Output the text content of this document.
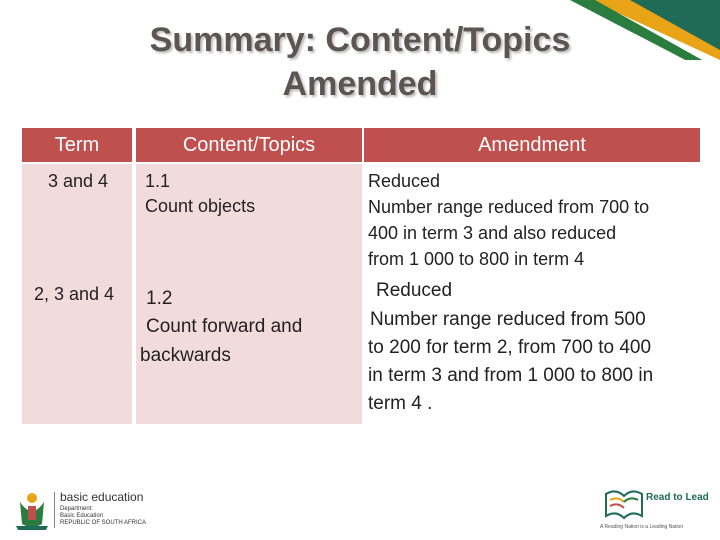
Summary: Content/Topics
Amended
Term	Content/Topics	Amendment
3 and 4 1.1
Count objects
Reduced
Number range reduced from 700 to
400 in term 3 and also reduced
from 1 000 to 800 in term 4
2, 3 and 4 1.2
Count forward and
backwards
Reduced
Number range reduced from 500
to 200 for term 2, from 700 to 400
in term 3 and from 1 000 to 800 in
term 4 .
basic education
Department:
Basic Education
REPUBLIC OF SOUTH AFRICA
Read to Lead
A Reading Nation is a Leading Nation
